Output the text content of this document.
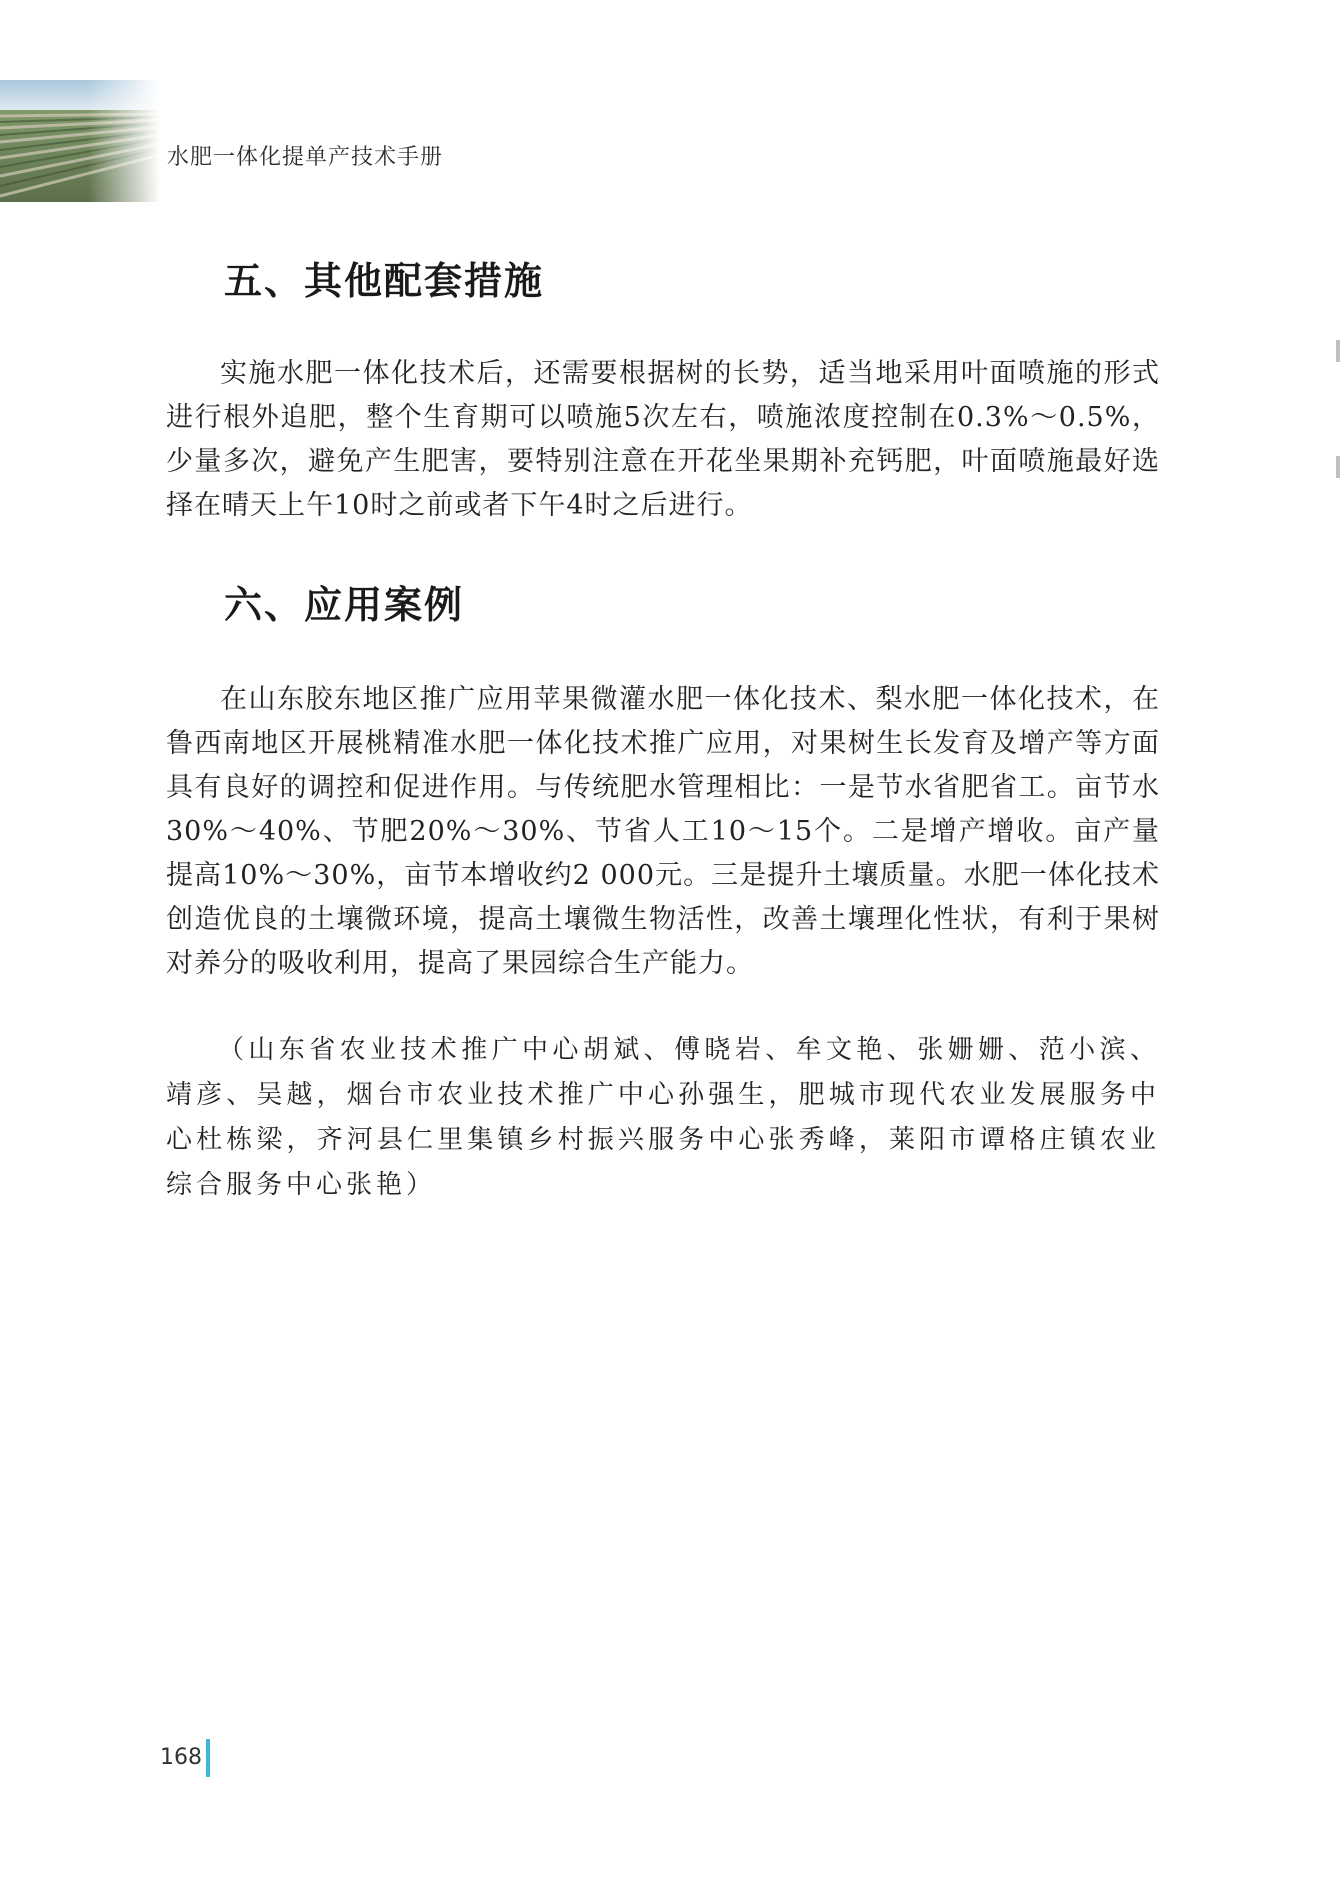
水肥一体化提单产技术手册
五、其他配套措施

实施水肥一体化技术后，还需要根据树的长势，适当地采用叶面喷施的形式进行根外追肥，整个生育期可以喷施5次左右，喷施浓度控制在0.3%～0.5%，少量多次，避免产生肥害，要特别注意在开花坐果期补充钙肥，叶面喷施最好选择在晴天上午10时之前或者下午4时之后进行。

六、应用案例

在山东胶东地区推广应用苹果微灌水肥一体化技术、梨水肥一体化技术，在鲁西南地区开展桃精准水肥一体化技术推广应用，对果树生长发育及增产等方面具有良好的调控和促进作用。与传统肥水管理相比：一是节水省肥省工。亩节水30%～40%、节肥20%～30%、节省人工10～15个。二是增产增收。亩产量提高10%～30%，亩节本增收约2 000元。三是提升土壤质量。水肥一体化技术创造优良的土壤微环境，提高土壤微生物活性，改善土壤理化性状，有利于果树对养分的吸收利用，提高了果园综合生产能力。

（山东省农业技术推广中心胡斌、傅晓岩、牟文艳、张姗姗、范小滨、靖彦、吴越，烟台市农业技术推广中心孙强生，肥城市现代农业发展服务中心杜栋梁，齐河县仁里集镇乡村振兴服务中心张秀峰，莱阳市谭格庄镇农业综合服务中心张艳）

168
